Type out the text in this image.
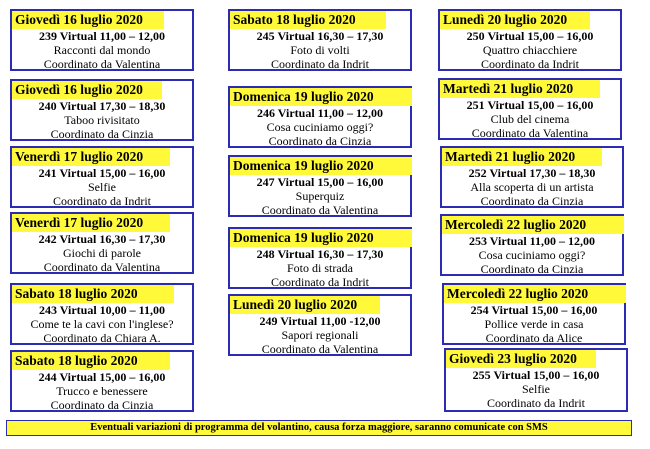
Giovedì 16 luglio 2020
239 Virtual 11,00 – 12,00
Racconti dal mondo
Coordinato da Valentina
Giovedì 16 luglio 2020
240 Virtual 17,30 – 18,30
Taboo rivisitato
Coordinato da Cinzia
Venerdì 17 luglio 2020
241 Virtual 15,00 – 16,00
Selfie
Coordinato da Indrit
Venerdì 17 luglio 2020
242 Virtual 16,30 – 17,30
Giochi di parole
Coordinato da Valentina
Sabato 18 luglio 2020
243 Virtual 10,00 – 11,00
Come te la cavi con l'inglese?
Coordinato da Chiara A.
Sabato 18 luglio 2020
244 Virtual 15,00 – 16,00
Trucco e benessere
Coordinato da Cinzia
Sabato 18 luglio 2020
245 Virtual 16,30 – 17,30
Foto di volti
Coordinato da Indrit
Domenica 19 luglio 2020
246 Virtual 11,00 – 12,00
Cosa cuciniamo oggi?
Coordinato da Cinzia
Domenica 19 luglio 2020
247 Virtual 15,00 – 16,00
Superquiz
Coordinato da Valentina
Domenica 19 luglio 2020
248 Virtual 16,30 – 17,30
Foto di strada
Coordinato da Indrit
Lunedì 20 luglio 2020
249 Virtual 11,00 -12,00
Sapori regionali
Coordinato da Valentina
Lunedì 20 luglio 2020
250 Virtual 15,00 – 16,00
Quattro chiacchiere
Coordinato da Indrit
Martedì 21 luglio 2020
251 Virtual 15,00 – 16,00
Club del cinema
Coordinato da Valentina
Martedì 21 luglio 2020
252 Virtual 17,30 – 18,30
Alla scoperta di un artista
Coordinato da Cinzia
Mercoledì 22 luglio 2020
253 Virtual 11,00 – 12,00
Cosa cuciniamo oggi?
Coordinato da Cinzia
Mercoledì 22 luglio 2020
254 Virtual 15,00 – 16,00
Pollice verde in casa
Coordinato da Alice
Giovedì 23 luglio 2020
255 Virtual 15,00 – 16,00
Selfie
Coordinato da Indrit
Eventuali variazioni di programma del volantino, causa forza maggiore, saranno comunicate con SMS
